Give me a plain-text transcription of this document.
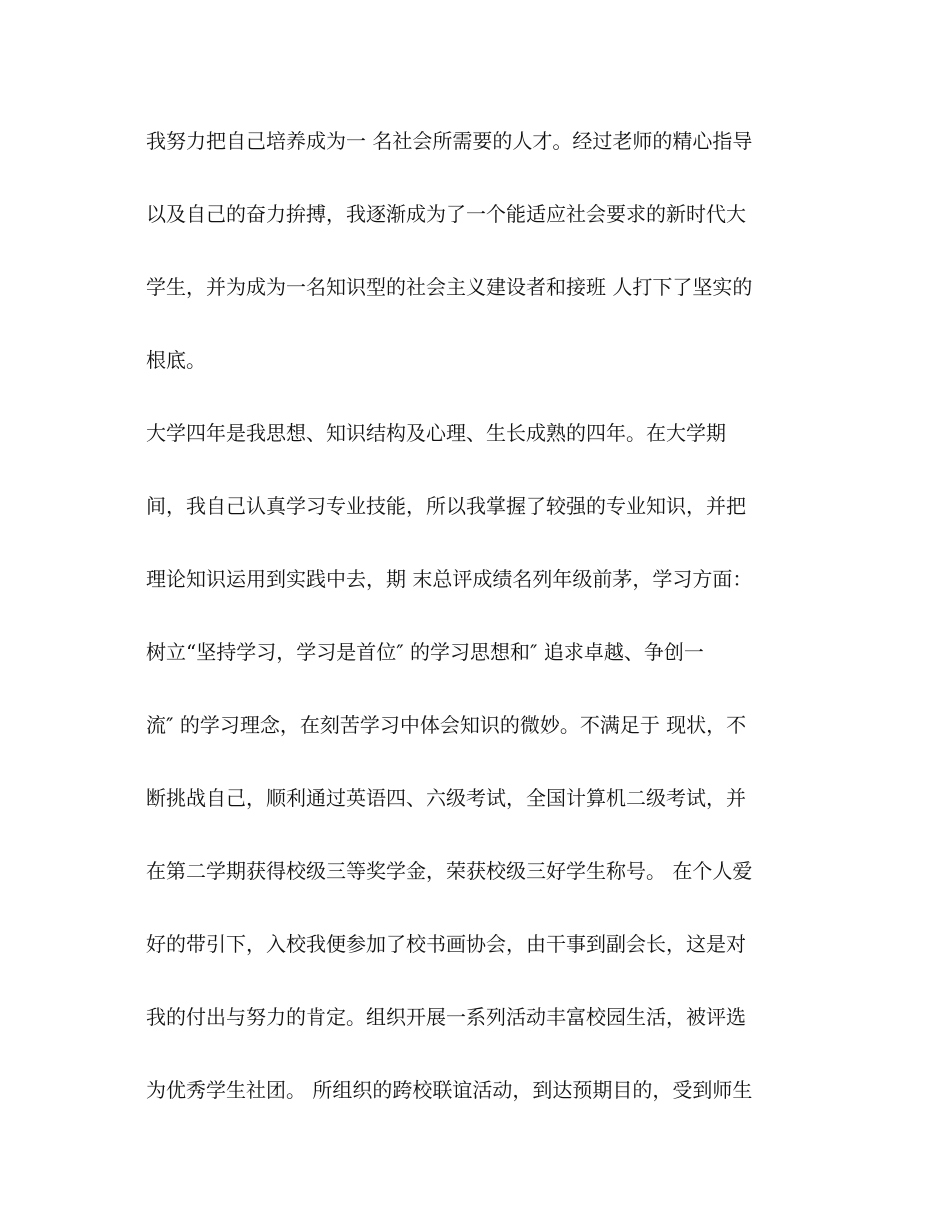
我努力把自己培养成为一 名社会所需要的人才。经过老师的精心指导
以及自己的奋力拚搏，我逐渐成为了一个能适应社会要求的新时代大
学生，并为成为一名知识型的社会主义建设者和接班 人打下了坚实的
根底。
大学四年是我思想、知识结构及心理、生长成熟的四年。在大学期
间，我自己认真学习专业技能，所以我掌握了较强的专业知识，并把
理论知识运用到实践中去，期 末总评成绩名列年级前茅，学习方面：
树立“坚持学习，学习是首位″ 的学习思想和″ 追求卓越、争创一
流″ 的学习理念，在刻苦学习中体会知识的微妙。不满足于 现状，不
断挑战自己，顺利通过英语四、六级考试，全国计算机二级考试，并
在第二学期获得校级三等奖学金，荣获校级三好学生称号。 在个人爱
好的带引下，入校我便参加了校书画协会，由干事到副会长，这是对
我的付出与努力的肯定。组织开展一系列活动丰富校园生活，被评选
为优秀学生社团。 所组织的跨校联谊活动，到达预期目的，受到师生
